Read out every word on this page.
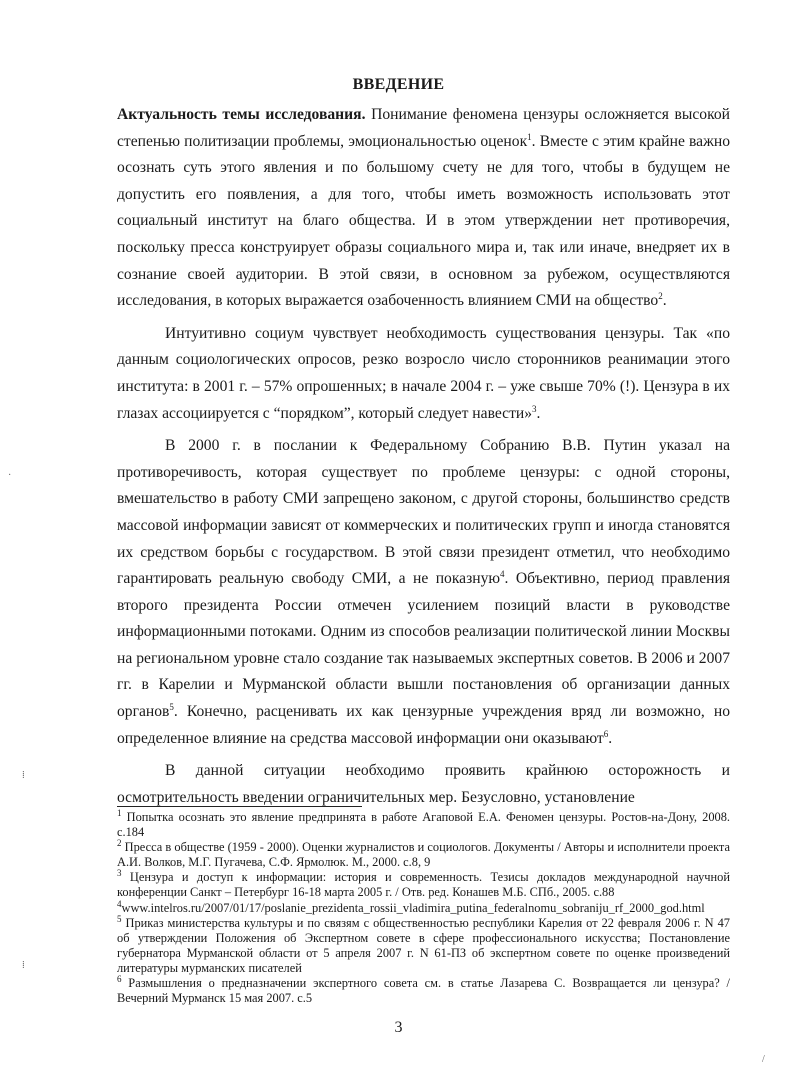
ВВЕДЕНИЕ

Актуальность темы исследования. Понимание феномена цензуры осложняется высокой степенью политизации проблемы, эмоциональностью оценок$^1$. Вместе с этим крайне важно осознать суть этого явления и по большому счету не для того, чтобы в будущем не допустить его появления, а для того, чтобы иметь возможность использовать этот социальный институт на благо общества. И в этом утверждении нет противоречия, поскольку пресса конструирует образы социального мира и, так или иначе, внедряет их в сознание своей аудитории. В этой связи, в основном за рубежом, осуществляются исследования, в которых выражается озабоченность влиянием СМИ на общество$^2$.

Интуитивно социум чувствует необходимость существования цензуры. Так «по данным социологических опросов, резко возросло число сторонников реанимации этого института: в 2001 г. – 57% опрошенных; в начале 2004 г. – уже свыше 70% (!). Цензура в их глазах ассоциируется с “порядком”, который следует навести»$^3$.

В 2000 г. в послании к Федеральному Собранию В.В. Путин указал на противоречивость, которая существует по проблеме цензуры: с одной стороны, вмешательство в работу СМИ запрещено законом, с другой стороны, большинство средств массовой информации зависят от коммерческих и политических групп и иногда становятся их средством борьбы с государством. В этой связи президент отметил, что необходимо гарантировать реальную свободу СМИ, а не показную$^4$. Объективно, период правления второго президента России отмечен усилением позиций власти в руководстве информационными потоками. Одним из способов реализации политической линии Москвы на региональном уровне стало создание так называемых экспертных советов. В 2006 и 2007 гг. в Карелии и Мурманской области вышли постановления об организации данных органов$^5$. Конечно, расценивать их как цензурные учреждения вряд ли возможно, но определенное влияние на средства массовой информации они оказывают$^6$.

В данной ситуации необходимо проявить крайнюю осторожность и осмотрительность введении ограничительных мер. Безусловно, установление

$^1$ Попытка осознать это явление предпринята в работе Агаповой Е.А. Феномен цензуры. Ростов-на-Дону, 2008. с.184

$^2$ Пресса в обществе (1959 - 2000). Оценки журналистов и социологов. Документы / Авторы и исполнители проекта А.И. Волков, М.Г. Пугачева, С.Ф. Ярмолюк. М., 2000. с.8, 9

$^3$ Цензура и доступ к информации: история и современность. Тезисы докладов международной научной конференции Санкт – Петербург 16-18 марта 2005 г. / Отв. ред. Конашев М.Б. СПб., 2005. с.88

$^4$www.intelros.ru/2007/01/17/poslanie_prezidenta_rossii_vladimira_putina_federalnomu_sobraniju_rf_2000_god.html

$^5$ Приказ министерства культуры и по связям с общественностью республики Карелия от 22 февраля 2006 г. N 47 об утверждении Положения об Экспертном совете в сфере профессионального искусства; Постановление губернатора Мурманской области от 5 апреля 2007 г. N 61-ПЗ об экспертном совете по оценке произведений литературы мурманских писателей

$^6$ Размышления о предназначении экспертного совета см. в статье Лазарева С. Возвращается ли цензура? / Вечерний Мурманск 15 мая 2007. с.5

3
·
⁞
⁞
/
